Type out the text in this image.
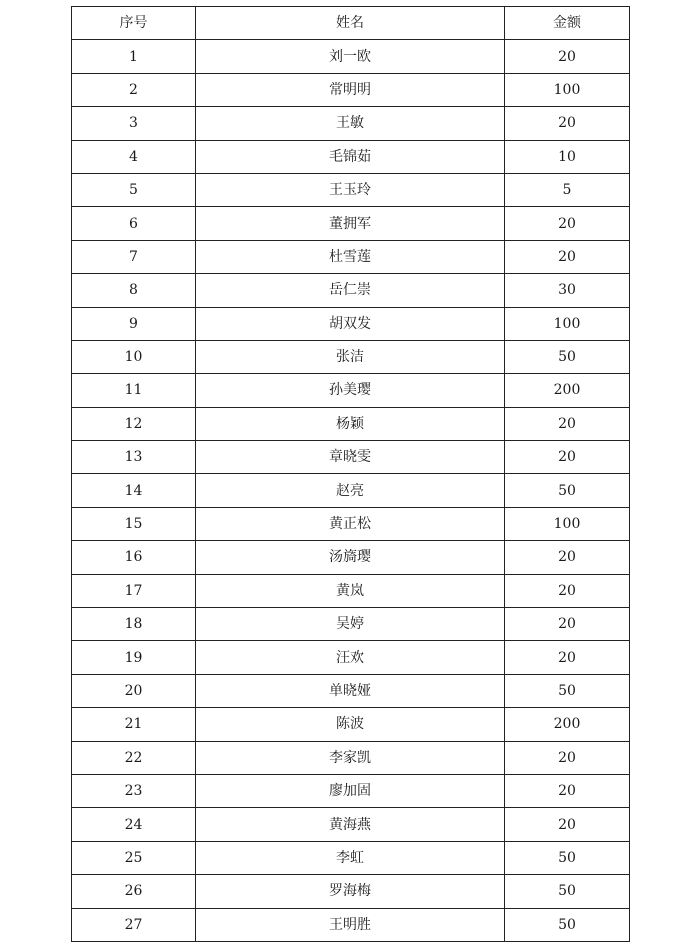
序号	姓名	金额
1	刘一欧	20
2	常明明	100
3	王敏	20
4	毛锦茹	10
5	王玉玲	5
6	董拥军	20
7	杜雪莲	20
8	岳仁崇	30
9	胡双发	100
10	张洁	50
11	孙美璎	200
12	杨颖	20
13	章晓雯	20
14	赵亮	50
15	黄正松	100
16	汤旖璎	20
17	黄岚	20
18	吴婷	20
19	汪欢	20
20	单晓娅	50
21	陈波	200
22	李家凯	20
23	廖加固	20
24	黄海燕	20
25	李虹	50
26	罗海梅	50
27	王明胜	50
